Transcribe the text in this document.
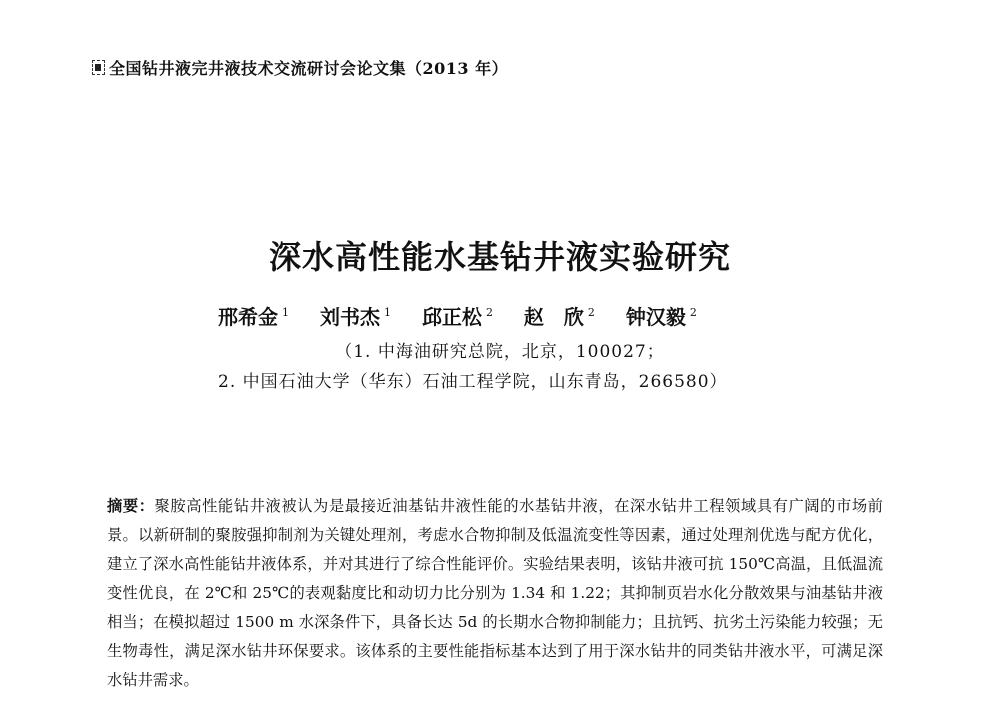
全国钻井液完井液技术交流研讨会论文集（2013 年）
深水高性能水基钻井液实验研究
邢希金 $^1$ 刘书杰 $^1$ 邱正松 $^2$ 赵　欣 $^2$ 钟汉毅 $^2$
（1. 中海油研究总院，北京，100027；
2. 中国石油大学（华东）石油工程学院，山东青岛，266580）

摘要：聚胺高性能钻井液被认为是最接近油基钻井液性能的水基钻井液，在深水钻井工程领域具有广阔的市场前景。以新研制的聚胺强抑制剂为关键处理剂，考虑水合物抑制及低温流变性等因素，通过处理剂优选与配方优化，建立了深水高性能钻井液体系，并对其进行了综合性能评价。实验结果表明，该钻井液可抗 150℃高温，且低温流变性优良，在 2℃和 25℃的表观黏度比和动切力比分别为 1.34 和 1.22；其抑制页岩水化分散效果与油基钻井液相当；在模拟超过 1500 m 水深条件下，具备长达 5d 的长期水合物抑制能力；且抗钙、抗劣土污染能力较强；无生物毒性，满足深水钻井环保要求。该体系的主要性能指标基本达到了用于深水钻井的同类钻井液水平，可满足深水钻井需求。
